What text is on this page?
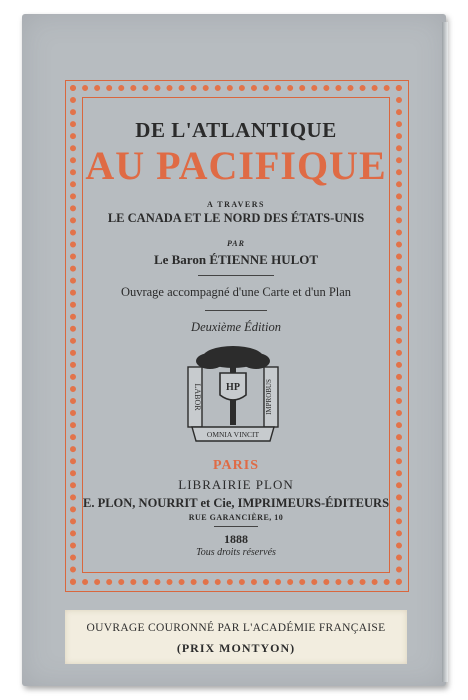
DE L'ATLANTIQUE
AU PACIFIQUE
A TRAVERS
LE CANADA ET LE NORD DES ÉTATS-UNIS
PAR
Le Baron ÉTIENNE HULOT
Ouvrage accompagné d'une Carte et d'un Plan
Deuxième Édition
HP
LABOR	IMPROBUS
OMNIA VINCIT
PARIS
LIBRAIRIE PLON
E. PLON, NOURRIT et Cie, IMPRIMEURS-ÉDITEURS
RUE GARANCIÈRE, 10
1888
Tous droits réservés
OUVRAGE COURONNÉ PAR L'ACADÉMIE FRANÇAISE
(PRIX MONTYON)
